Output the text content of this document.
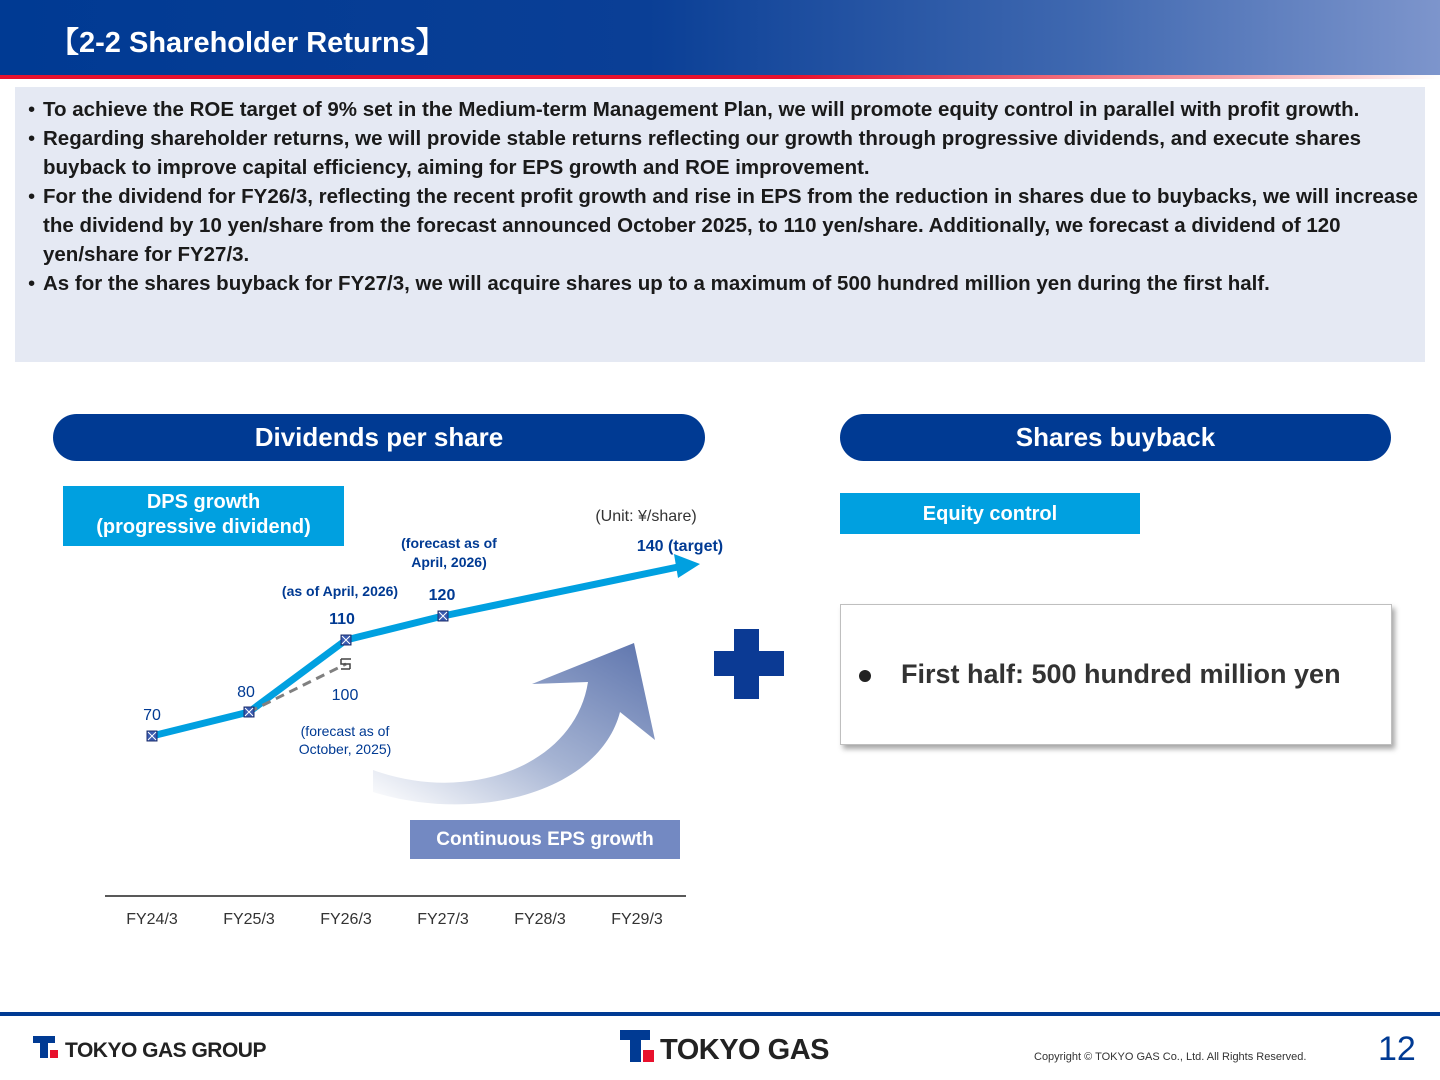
【2-2 Shareholder Returns】
• To achieve the ROE target of 9% set in the Medium-term Management Plan, we will promote equity control in parallel with profit growth.
• Regarding shareholder returns, we will provide stable returns reflecting our growth through progressive dividends, and execute shares buyback to improve capital efficiency, aiming for EPS growth and ROE improvement.
• For the dividend for FY26/3, reflecting the recent profit growth and rise in EPS from the reduction in shares due to buybacks, we will increase the dividend by 10 yen/share from the forecast announced October 2025, to 110 yen/share. Additionally, we forecast a dividend of 120 yen/share for FY27/3.
• As for the shares buyback for FY27/3, we will acquire shares up to a maximum of 500 hundred million yen during the first half.
Dividends per share	Shares buyback
DPS growth
(progressive dividend)
FY24/3	FY25/3	FY26/3	FY27/3	FY28/3	FY29/3
70
80
110
120
100
(Unit: ¥/share)
(forecast as of
April, 2026)
(as of April, 2026)
140 (target)
(forecast as of
October, 2025)
Continuous EPS growth
Equity control
First half: 500 hundred million yen
TOKYO GAS GROUP	TOKYO GAS	Copyright © TOKYO GAS Co., Ltd. All Rights Reserved. 12
